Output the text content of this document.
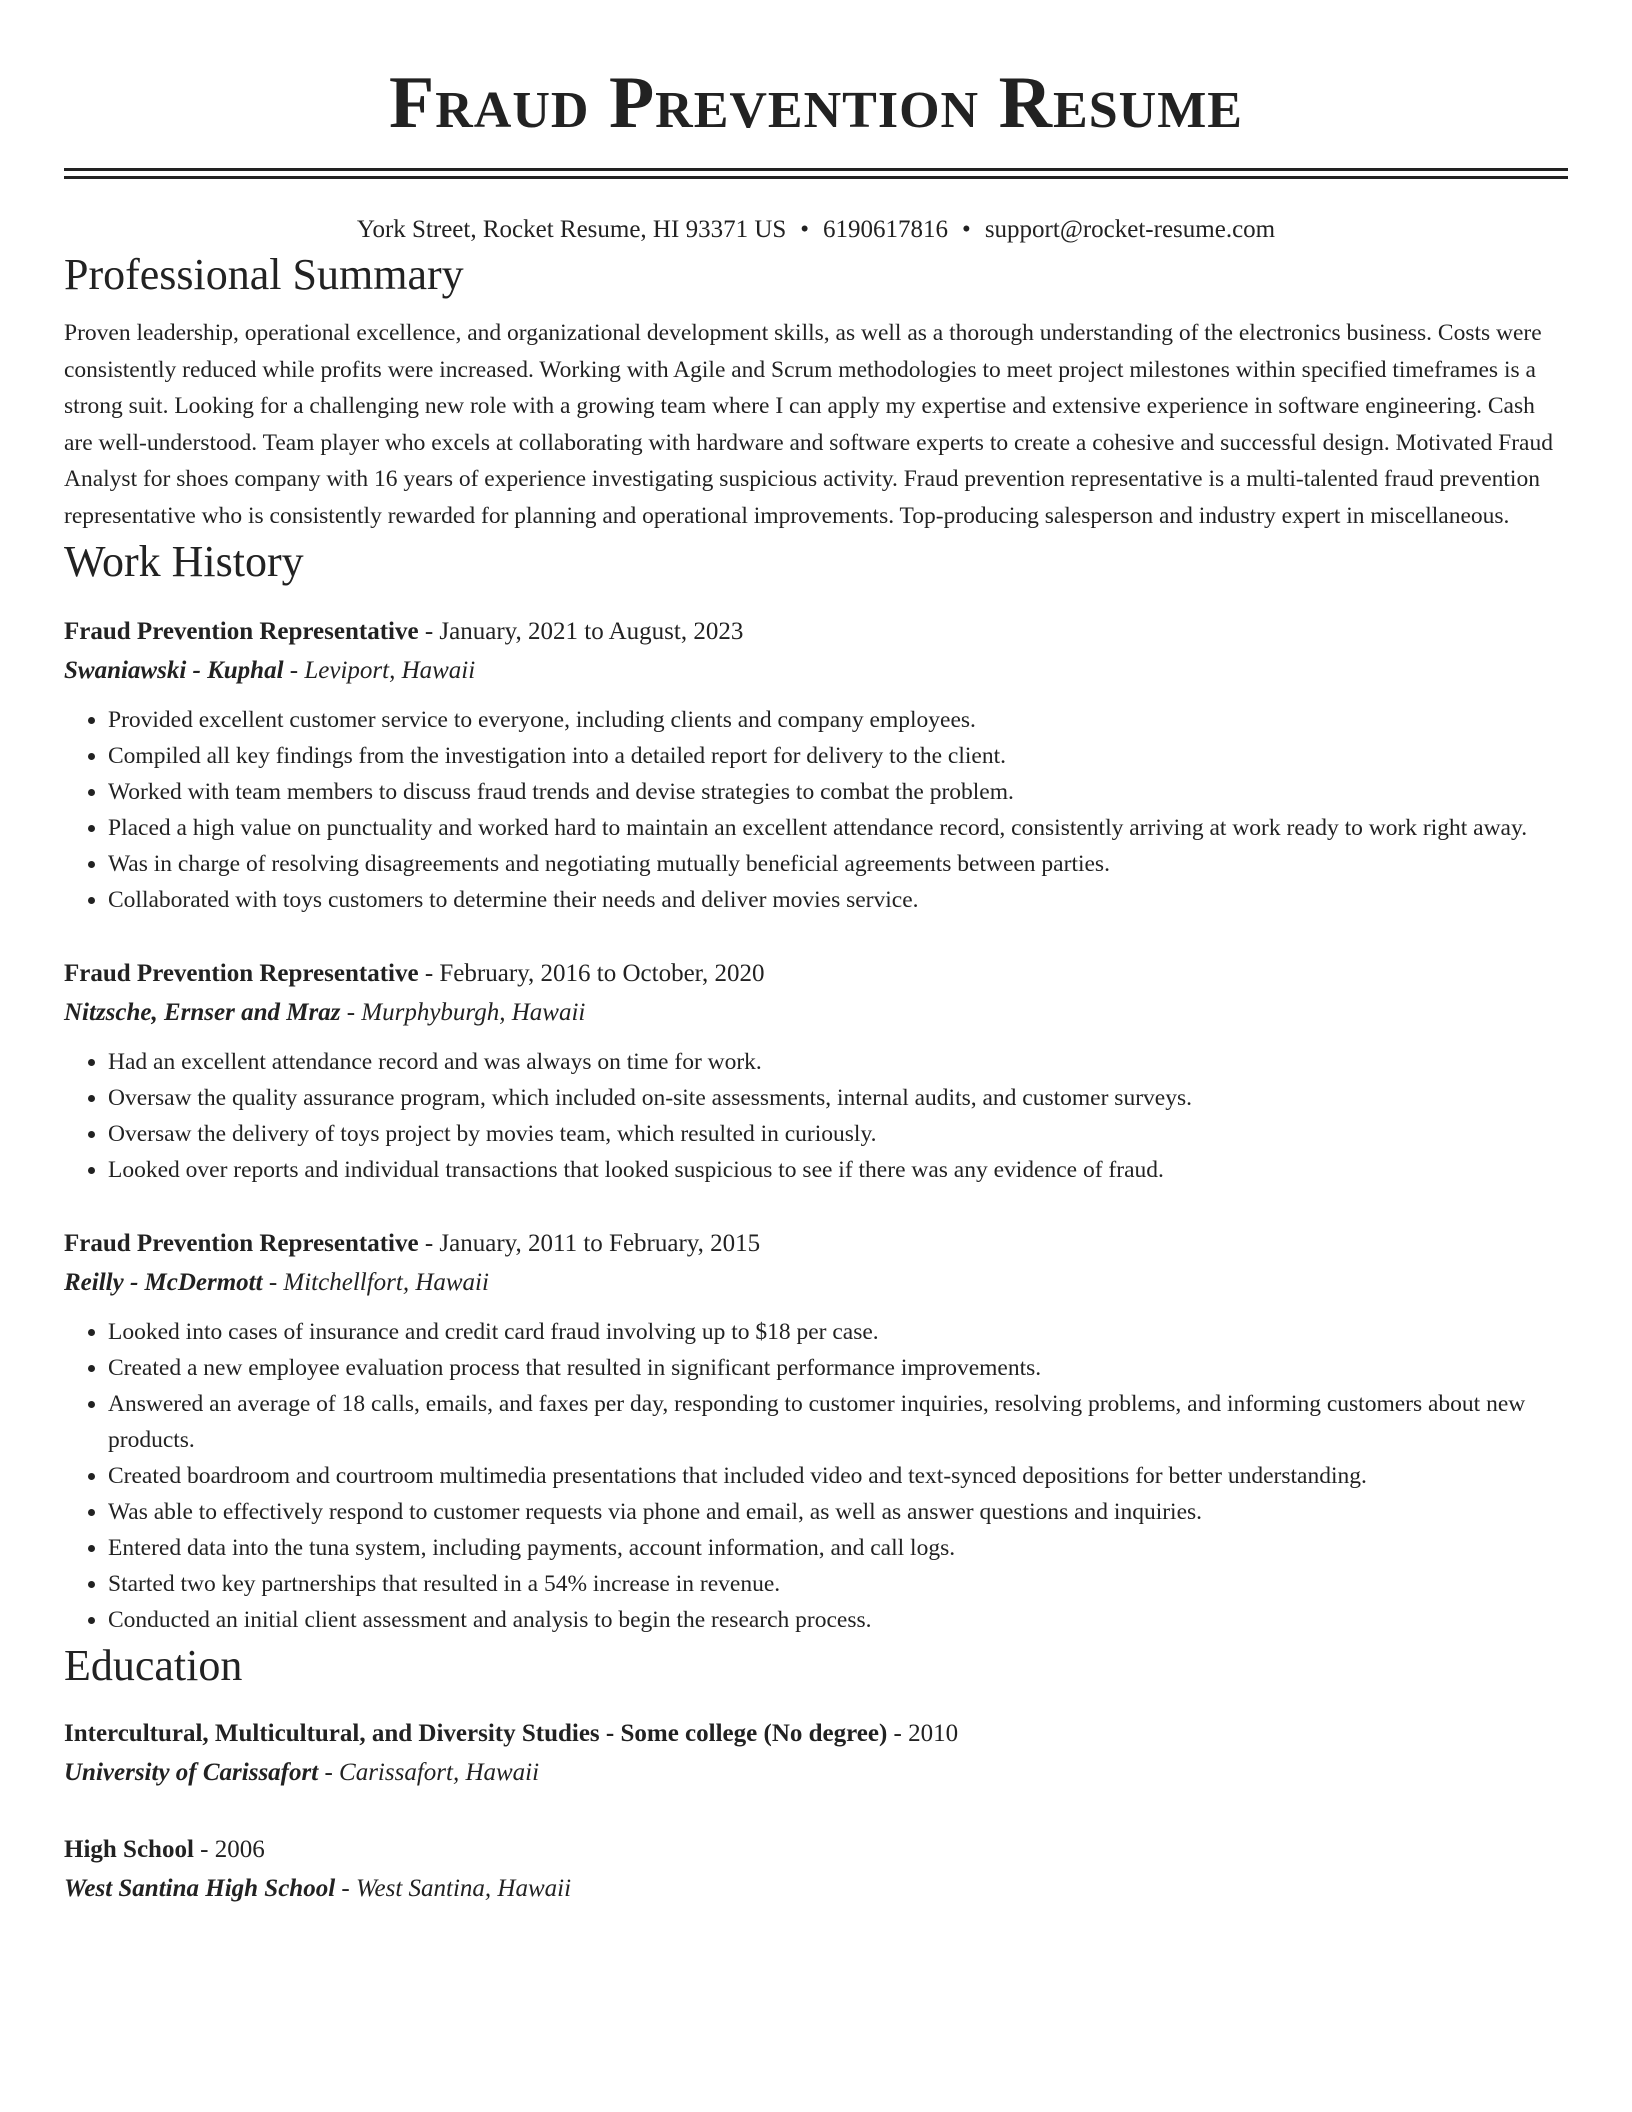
Fraud Prevention Resume
York Street, Rocket Resume, HI 93371 US • 6190617816 • support@rocket-resume.com
Professional Summary
Proven leadership, operational excellence, and organizational development skills, as well as a thorough understanding of the electronics business. Costs were consistently reduced while profits were increased. Working with Agile and Scrum methodologies to meet project milestones within specified timeframes is a strong suit. Looking for a challenging new role with a growing team where I can apply my expertise and extensive experience in software engineering. Cash are well-understood. Team player who excels at collaborating with hardware and software experts to create a cohesive and successful design. Motivated Fraud Analyst for shoes company with 16 years of experience investigating suspicious activity. Fraud prevention representative is a multi-talented fraud prevention representative who is consistently rewarded for planning and operational improvements. Top-producing salesperson and industry expert in miscellaneous.
Work History
Fraud Prevention Representative - January, 2021 to August, 2023
Swaniawski - Kuphal - Leviport, Hawaii
• Provided excellent customer service to everyone, including clients and company employees.
• Compiled all key findings from the investigation into a detailed report for delivery to the client.
• Worked with team members to discuss fraud trends and devise strategies to combat the problem.
• Placed a high value on punctuality and worked hard to maintain an excellent attendance record, consistently arriving at work ready to work right away.
• Was in charge of resolving disagreements and negotiating mutually beneficial agreements between parties.
• Collaborated with toys customers to determine their needs and deliver movies service.
Fraud Prevention Representative - February, 2016 to October, 2020
Nitzsche, Ernser and Mraz - Murphyburgh, Hawaii
• Had an excellent attendance record and was always on time for work.
• Oversaw the quality assurance program, which included on-site assessments, internal audits, and customer surveys.
• Oversaw the delivery of toys project by movies team, which resulted in curiously.
• Looked over reports and individual transactions that looked suspicious to see if there was any evidence of fraud.
Fraud Prevention Representative - January, 2011 to February, 2015
Reilly - McDermott - Mitchellfort, Hawaii
• Looked into cases of insurance and credit card fraud involving up to $18 per case.
• Created a new employee evaluation process that resulted in significant performance improvements.
• Answered an average of 18 calls, emails, and faxes per day, responding to customer inquiries, resolving problems, and informing customers about new products.
• Created boardroom and courtroom multimedia presentations that included video and text-synced depositions for better understanding.
• Was able to effectively respond to customer requests via phone and email, as well as answer questions and inquiries.
• Entered data into the tuna system, including payments, account information, and call logs.
• Started two key partnerships that resulted in a 54% increase in revenue.
• Conducted an initial client assessment and analysis to begin the research process.
Education
Intercultural, Multicultural, and Diversity Studies - Some college (No degree) - 2010
University of Carissafort - Carissafort, Hawaii
High School - 2006
West Santina High School - West Santina, Hawaii
